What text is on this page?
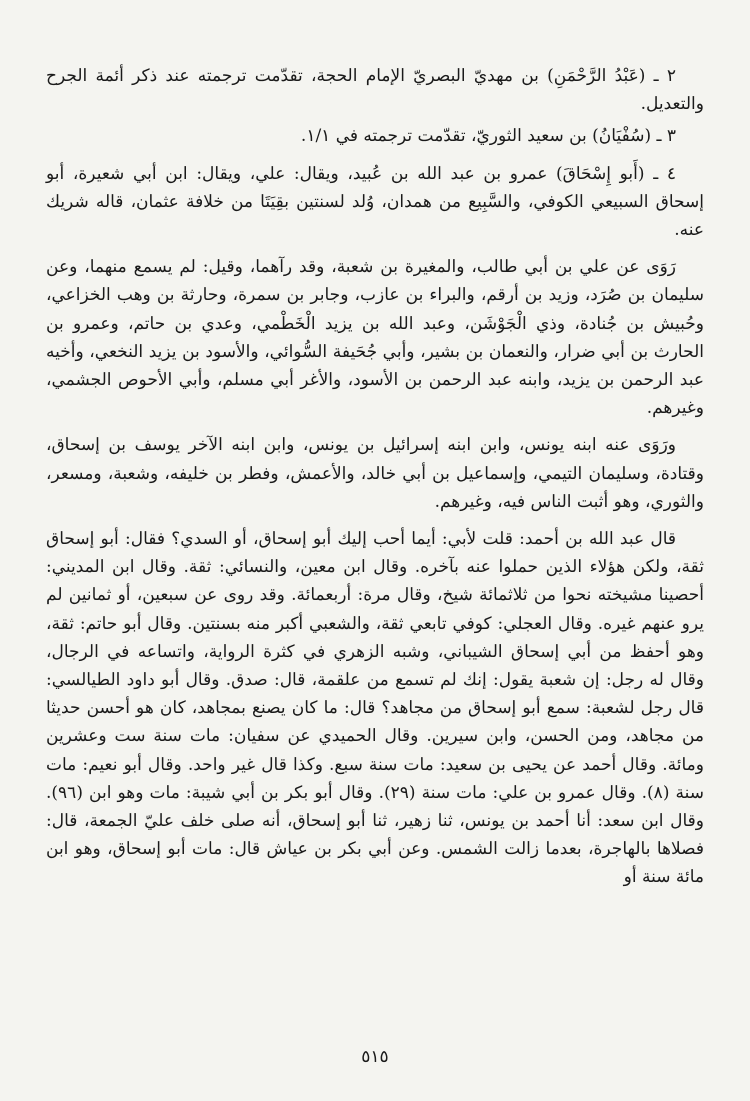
٢ ـ (عَبْدُ الرَّحْمَنِ) بن مهديّ البصريّ الإمام الحجة، تقدّمت ترجمته عند ذكر أئمة الجرح والتعديل.

٣ ـ (سُفْيَانُ) بن سعيد الثوريّ، تقدّمت ترجمته في ١/١.

٤ ـ (أَبو إِسْحَاقَ) عمرو بن عبد الله بن عُبيد، ويقال: علي، ويقال: ابن أبي شعيرة، أبو إسحاق السبيعي الكوفي، والسَّبِيع من همدان، وُلد لسنتين بقِيَتَا من خلافة عثمان، قاله شريك عنه.

رَوَى عن علي بن أبي طالب، والمغيرة بن شعبة، وقد رآهما، وقيل: لم يسمع منهما، وعن سليمان بن صُرَد، وزيد بن أرقم، والبراء بن عازب، وجابر بن سمرة، وحارثة بن وهب الخزاعي، وحُبيش بن جُنادة، وذي الْجَوْشَن، وعبد الله بن يزيد الْخَطْمي، وعدي بن حاتم، وعمرو بن الحارث بن أبي ضرار، والنعمان بن بشير، وأبي جُحَيفة السُّوائي، والأسود بن يزيد النخعي، وأخيه عبد الرحمن بن يزيد، وابنه عبد الرحمن بن الأسود، والأغر أبي مسلم، وأبي الأحوص الجشمي، وغيرهم.

ورَوَى عنه ابنه يونس، وابن ابنه إسرائيل بن يونس، وابن ابنه الآخر يوسف بن إسحاق، وقتادة، وسليمان التيمي، وإسماعيل بن أبي خالد، والأعمش، وفطر بن خليفه، وشعبة، ومسعر، والثوري، وهو أثبت الناس فيه، وغيرهم.

قال عبد الله بن أحمد: قلت لأبي: أيما أحب إليك أبو إسحاق، أو السدي؟ فقال: أبو إسحاق ثقة، ولكن هؤلاء الذين حملوا عنه بآخره. وقال ابن معين، والنسائي: ثقة. وقال ابن المديني: أحصينا مشيخته نحوا من ثلاثمائة شيخ، وقال مرة: أربعمائة. وقد روى عن سبعين، أو ثمانين لم يرو عنهم غيره. وقال العجلي: كوفي تابعي ثقة، والشعبي أكبر منه بسنتين. وقال أبو حاتم: ثقة، وهو أحفظ من أبي إسحاق الشيباني، وشبه الزهري في كثرة الرواية، واتساعه في الرجال، وقال له رجل: إن شعبة يقول: إنك لم تسمع من علقمة، قال: صدق. وقال أبو داود الطيالسي: قال رجل لشعبة: سمع أبو إسحاق من مجاهد؟ قال: ما كان يصنع بمجاهد، كان هو أحسن حديثا من مجاهد، ومن الحسن، وابن سيرين. وقال الحميدي عن سفيان: مات سنة ست وعشرين ومائة. وقال أحمد عن يحيى بن سعيد: مات سنة سبع. وكذا قال غير واحد. وقال أبو نعيم: مات سنة (٨). وقال عمرو بن علي: مات سنة (٢٩). وقال أبو بكر بن أبي شيبة: مات وهو ابن (٩٦). وقال ابن سعد: أنا أحمد بن يونس، ثنا زهير، ثنا أبو إسحاق، أنه صلى خلف عليّ الجمعة، قال: فصلاها بالهاجرة، بعدما زالت الشمس. وعن أبي بكر بن عياش قال: مات أبو إسحاق، وهو ابن مائة سنة أو

٥١٥
